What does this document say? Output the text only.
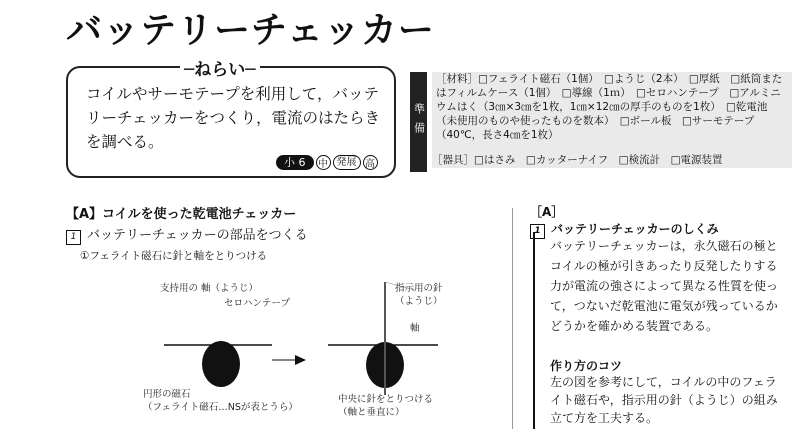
バッテリーチェッカー
─ねらい─
コイルやサーモテープを利用して，バッテリーチェッカーをつくり，電流のはたらきを調べる。
小 6	中 発展 高
準備
［材料］□フェライト磁石（1個）　□ようじ（2本）　□厚紙　□紙筒またはフィルムケース（1個）　□導線（1ｍ）　□セロハンテープ　□アルミニウムはく（3㎝×3㎝を1枚，1㎝×12㎝の厚手のものを1枚）　□乾電池（未使用のものや使ったものを数本）　□ボール板　□サーモテープ（40℃，長さ4㎝を1枚）
［器具］□はさみ　□カッターナイフ　□検流計　□電源装置
【A】コイルを使った乾電池チェッカー
1 バッテリーチェッカーの部品をつくる
①フェライト磁石に針と軸をとりつける
支持用の 軸（ようじ）
セロハンテープ
円形の磁石
（フェライト磁石…NSが表とうら）
指示用の針
（ようじ）
軸
中央に針をとりつける
（軸と垂直に）
［A］
1 バッテリーチェッカーのしくみ
バッテリーチェッカーは，永久磁石の極とコイルの極が引きあったり反発したりする力が電流の強さによって異なる性質を使って，つないだ乾電池に電気が残っているかどうかを確かめる装置である。
作り方のコツ
左の図を参考にして，コイルの中のフェライト磁石や，指示用の針（ようじ）の組み立て方を工夫する。
